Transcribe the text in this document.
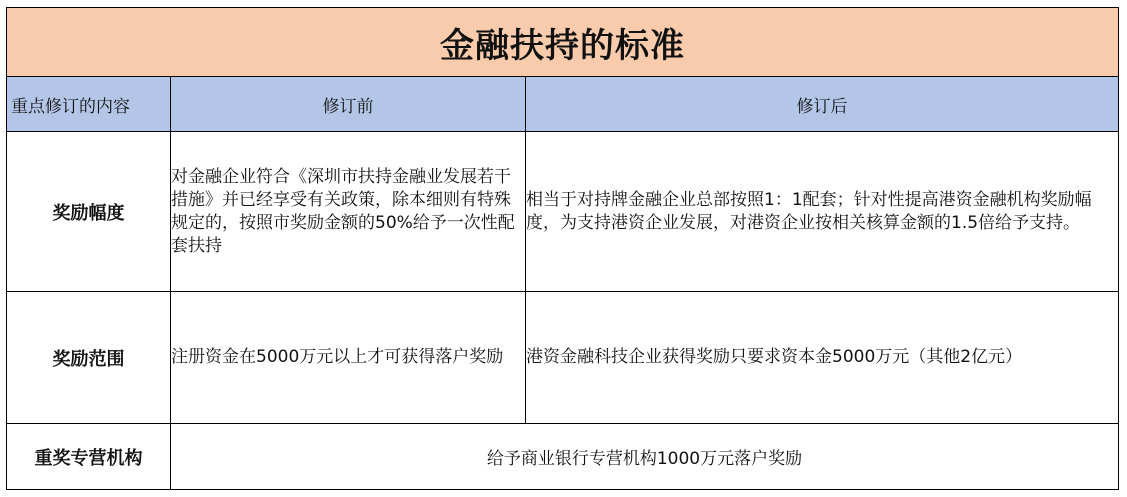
金融扶持的标准		
重点修订的内容	修订前	修订后
奖励幅度	对金融企业符合《深圳市扶持金融业发展若干措施》并已经享受有关政策，除本细则有特殊规定的，按照市奖励金额的50%给予一次性配套扶持	相当于对持牌金融企业总部按照1：1配套；针对性提高港资金融机构奖励幅度，为支持港资企业发展，对港资企业按相关核算金额的1.5倍给予支持。
奖励范围	注册资金在5000万元以上才可获得落户奖励	港资金融科技企业获得奖励只要求资本金5000万元（其他2亿元）
重奖专营机构	给予商业银行专营机构1000万元落户奖励	
